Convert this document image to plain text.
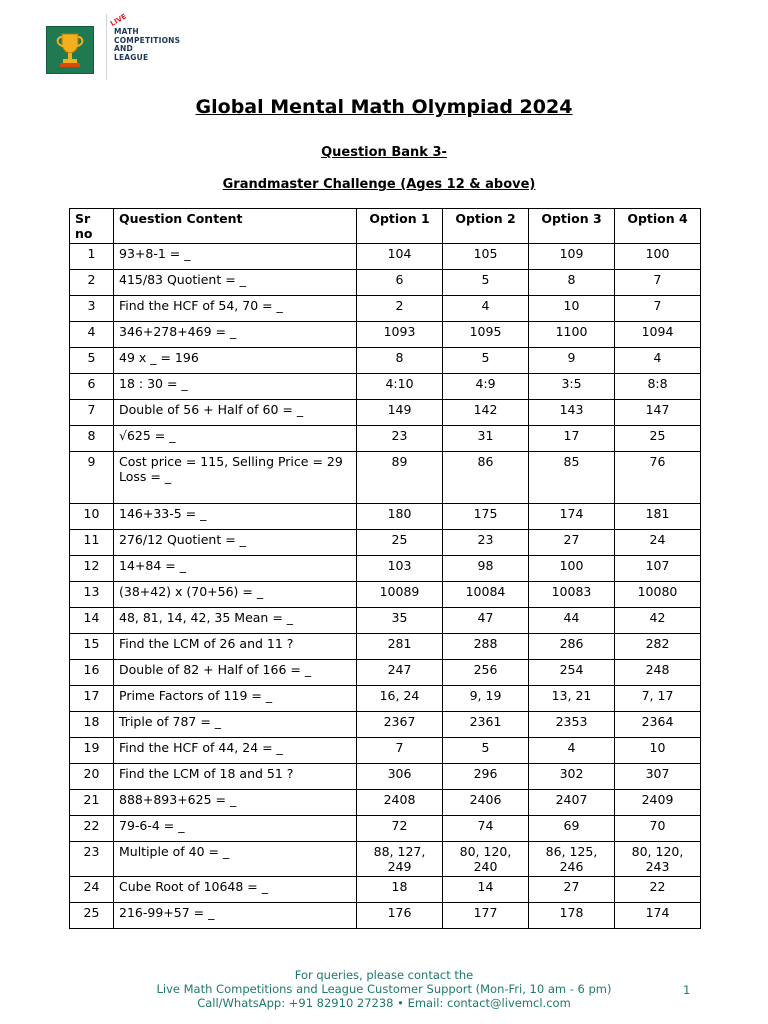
LIVE
MATH
COMPETITIONS
AND
LEAGUE
Global Mental Math Olympiad 2024
Question Bank 3-
Grandmaster Challenge (Ages 12 & above)
Sr no	Question Content	Option 1	Option 2	Option 3	Option 4
1	93+8-1 = _	104	105	109	100
2	415/83 Quotient = _	6	5	8	7
3	Find the HCF of 54, 70 = _	2	4	10	7
4	346+278+469 = _	1093	1095	1100	1094
5	49 x _ = 196	8	5	9	4
6	18 : 30 = _	4:10	4:9	3:5	8:8
7	Double of 56 + Half of 60 = _	149	142	143	147
8	√625 = _	23	31	17	25
9	Cost price = 115, Selling Price = 29 Loss = _	89	86	85	76
10	146+33-5 = _	180	175	174	181
11	276/12 Quotient = _	25	23	27	24
12	14+84 = _	103	98	100	107
13	(38+42) x (70+56) = _	10089	10084	10083	10080
14	48, 81, 14, 42, 35 Mean = _	35	47	44	42
15	Find the LCM of 26 and 11 ?	281	288	286	282
16	Double of 82 + Half of 166 = _	247	256	254	248
17	Prime Factors of 119 = _	16, 24	9, 19	13, 21	7, 17
18	Triple of 787 = _	2367	2361	2353	2364
19	Find the HCF of 44, 24 = _	7	5	4	10
20	Find the LCM of 18 and 51 ?	306	296	302	307
21	888+893+625 = _	2408	2406	2407	2409
22	79-6-4 = _	72	74	69	70
23	Multiple of 40 = _	88, 127, 249	80, 120, 240	86, 125, 246	80, 120, 243
24	Cube Root of 10648 = _	18	14	27	22
25	216-99+57 = _	176	177	178	174
For queries, please contact the
Live Math Competitions and League Customer Support (Mon-Fri, 10 am - 6 pm)
Call/WhatsApp: +91 82910 27238 • Email: contact@livemcl.com
1
